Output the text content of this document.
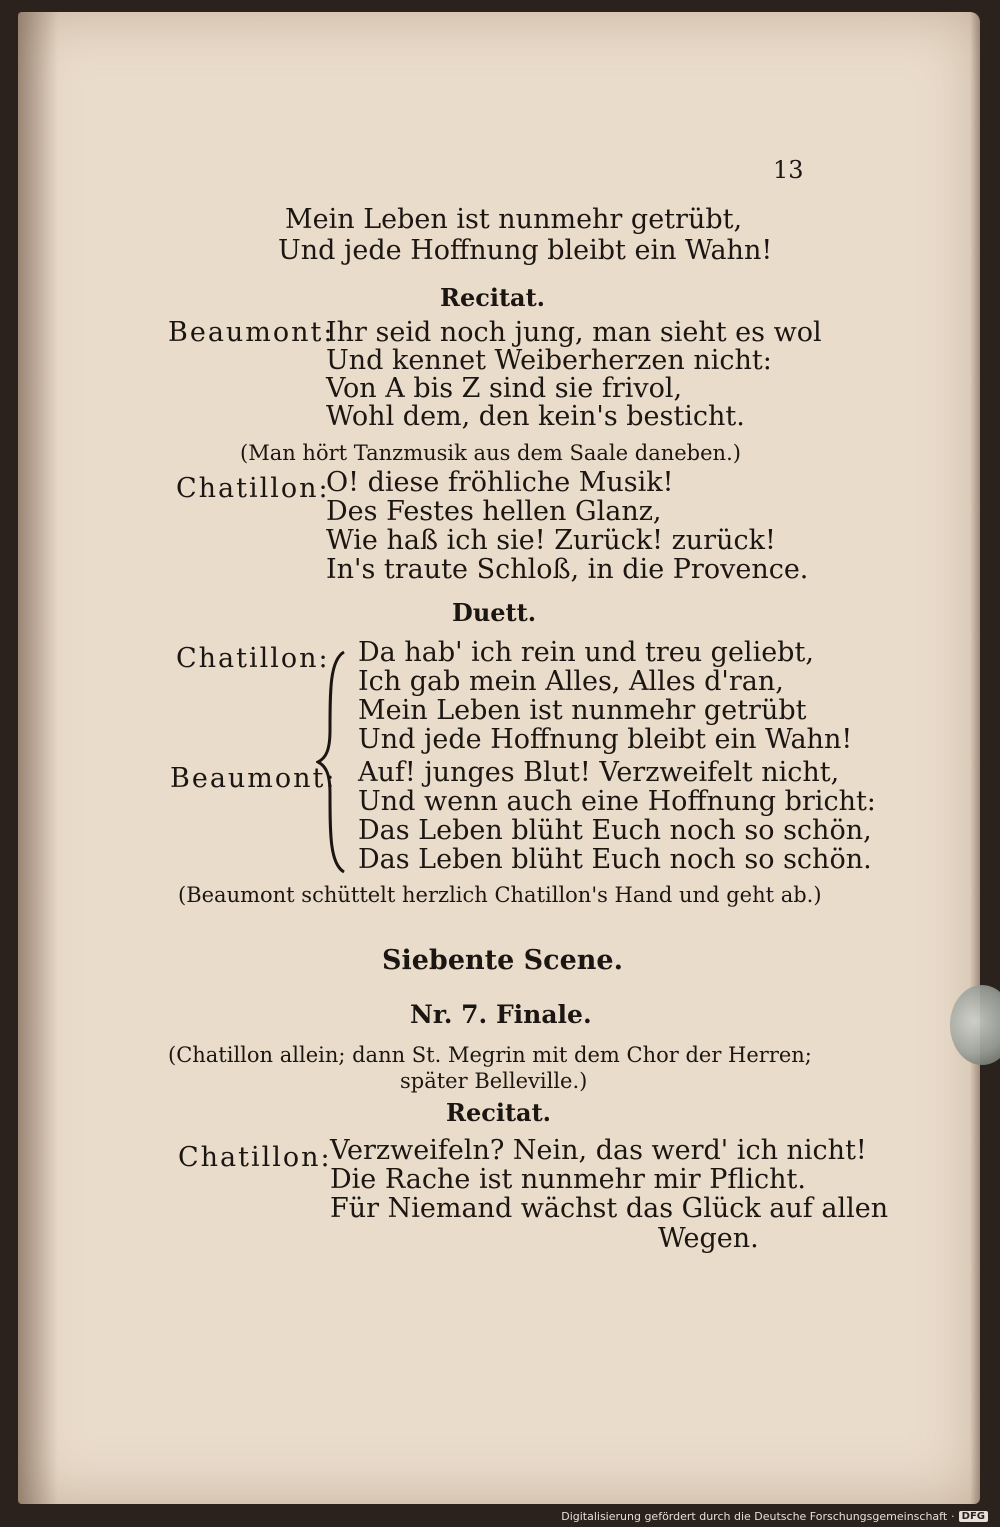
13

Mein Leben ist nunmehr getrübt,

Und jede Hoffnung bleibt ein Wahn!

Recitat.

Beaumont:

Ihr seid noch jung, man sieht es wol

Und kennet Weiberherzen nicht:

Von A bis Z sind sie frivol,

Wohl dem, den kein's besticht.

(Man hört Tanzmusik aus dem Saale daneben.)

Chatillon:

O! diese fröhliche Musik!

Des Festes hellen Glanz,

Wie haß ich sie! Zurück! zurück!

In's traute Schloß, in die Provence.

Duett.

Chatillon: Da hab' ich rein und treu geliebt,

Ich gab mein Alles, Alles d'ran,

Mein Leben ist nunmehr getrübt

Und jede Hoffnung bleibt ein Wahn!

Beaumont: Auf! junges Blut! Verzweifelt nicht,

Und wenn auch eine Hoffnung bricht:

Das Leben blüht Euch noch so schön,

Das Leben blüht Euch noch so schön.

(Beaumont schüttelt herzlich Chatillon's Hand und geht ab.)

Siebente Scene.

Nr. 7. Finale.

(Chatillon allein; dann St. Megrin mit dem Chor der Herren;

später Belleville.)

Recitat.

Chatillon:

Verzweifeln? Nein, das werd' ich nicht!

Die Rache ist nunmehr mir Pflicht.

Für Niemand wächst das Glück auf allen

Wegen.

Digitalisierung gefördert durch die Deutsche Forschungsgemeinschaft · DFG
